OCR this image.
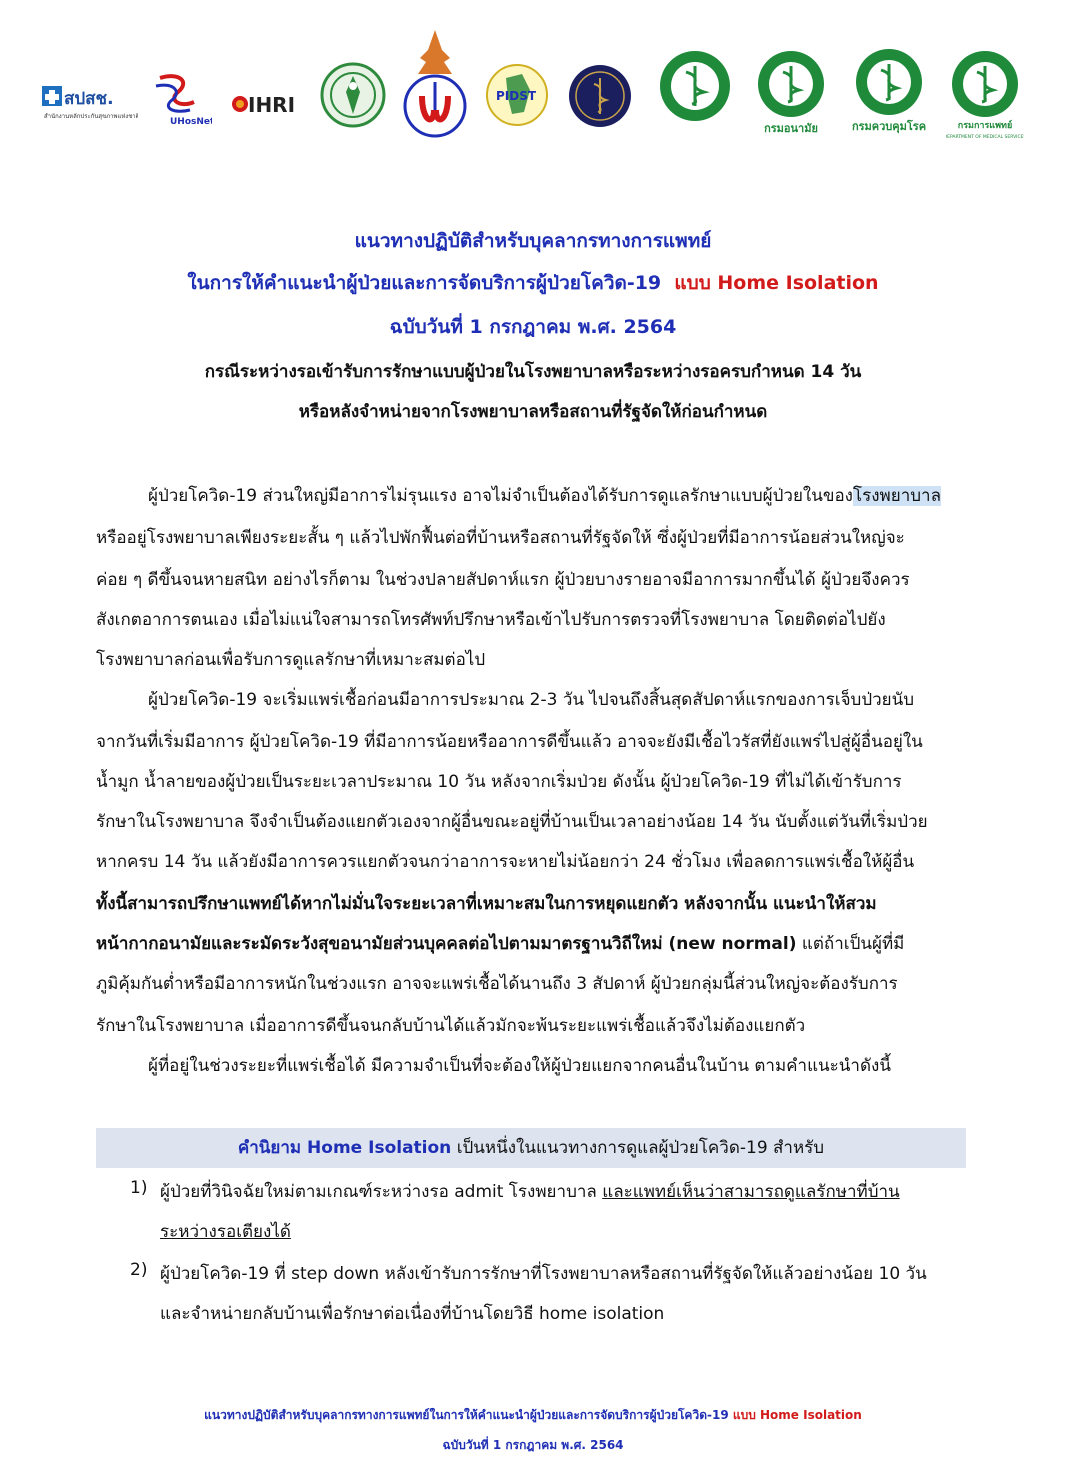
สปสช.
สำนักงานหลักประกันสุขภาพแห่งชาติ
UHosNet
IHRI	PIDST
กรมอนามัย	กรมควบคุมโรค	กรมการแพทย์
DEPARTMENT OF MEDICAL SERVICES
แนวทางปฏิบัติสำหรับบุคลากรทางการแพทย์
ในการให้คำแนะนำผู้ป่วยและการจัดบริการผู้ป่วยโควิด-19 แบบ Home Isolation
ฉบับวันที่ 1 กรกฎาคม พ.ศ. 2564
กรณีระหว่างรอเข้ารับการรักษาแบบผู้ป่วยในโรงพยาบาลหรือระหว่างรอครบกำหนด 14 วัน
หรือหลังจำหน่ายจากโรงพยาบาลหรือสถานที่รัฐจัดให้ก่อนกำหนด
ผู้ป่วยโควิด-19 ส่วนใหญ่มีอาการไม่รุนแรง อาจไม่จำเป็นต้องได้รับการดูแลรักษาแบบผู้ป่วยในของโรงพยาบาล
หรืออยู่โรงพยาบาลเพียงระยะสั้น ๆ แล้วไปพักฟื้นต่อที่บ้านหรือสถานที่รัฐจัดให้ ซึ่งผู้ป่วยที่มีอาการน้อยส่วนใหญ่จะ
ค่อย ๆ ดีขึ้นจนหายสนิท อย่างไรก็ตาม ในช่วงปลายสัปดาห์แรก ผู้ป่วยบางรายอาจมีอาการมากขึ้นได้ ผู้ป่วยจึงควร
สังเกตอาการตนเอง เมื่อไม่แน่ใจสามารถโทรศัพท์ปรึกษาหรือเข้าไปรับการตรวจที่โรงพยาบาล โดยติดต่อไปยัง
โรงพยาบาลก่อนเพื่อรับการดูแลรักษาที่เหมาะสมต่อไป
ผู้ป่วยโควิด-19 จะเริ่มแพร่เชื้อก่อนมีอาการประมาณ 2-3 วัน ไปจนถึงสิ้นสุดสัปดาห์แรกของการเจ็บป่วยนับ
จากวันที่เริ่มมีอาการ ผู้ป่วยโควิด-19 ที่มีอาการน้อยหรืออาการดีขึ้นแล้ว อาจจะยังมีเชื้อไวรัสที่ยังแพร่ไปสู่ผู้อื่นอยู่ใน
น้ำมูก น้ำลายของผู้ป่วยเป็นระยะเวลาประมาณ 10 วัน หลังจากเริ่มป่วย ดังนั้น ผู้ป่วยโควิด-19 ที่ไม่ได้เข้ารับการ
รักษาในโรงพยาบาล จึงจำเป็นต้องแยกตัวเองจากผู้อื่นขณะอยู่ที่บ้านเป็นเวลาอย่างน้อย 14 วัน นับตั้งแต่วันที่เริ่มป่วย
หากครบ 14 วัน แล้วยังมีอาการควรแยกตัวจนกว่าอาการจะหายไม่น้อยกว่า 24 ชั่วโมง เพื่อลดการแพร่เชื้อให้ผู้อื่น
ทั้งนี้สามารถปรึกษาแพทย์ได้หากไม่มั่นใจระยะเวลาที่เหมาะสมในการหยุดแยกตัว หลังจากนั้น แนะนำให้สวม
หน้ากากอนามัยและระมัดระวังสุขอนามัยส่วนบุคคลต่อไปตามมาตรฐานวิถีใหม่ (new normal) แต่ถ้าเป็นผู้ที่มี
ภูมิคุ้มกันต่ำหรือมีอาการหนักในช่วงแรก อาจจะแพร่เชื้อได้นานถึง 3 สัปดาห์ ผู้ป่วยกลุ่มนี้ส่วนใหญ่จะต้องรับการ
รักษาในโรงพยาบาล เมื่ออาการดีขึ้นจนกลับบ้านได้แล้วมักจะพ้นระยะแพร่เชื้อแล้วจึงไม่ต้องแยกตัว
ผู้ที่อยู่ในช่วงระยะที่แพร่เชื้อได้ มีความจำเป็นที่จะต้องให้ผู้ป่วยแยกจากคนอื่นในบ้าน ตามคำแนะนำดังนี้
คำนิยาม Home Isolation เป็นหนึ่งในแนวทางการดูแลผู้ป่วยโควิด-19 สำหรับ
1) ผู้ป่วยที่วินิจฉัยใหม่ตามเกณฑ์ระหว่างรอ admit โรงพยาบาล และแพทย์เห็นว่าสามารถดูแลรักษาที่บ้าน
ระหว่างรอเตียงได้
2) ผู้ป่วยโควิด-19 ที่ step down หลังเข้ารับการรักษาที่โรงพยาบาลหรือสถานที่รัฐจัดให้แล้วอย่างน้อย 10 วัน
และจำหน่ายกลับบ้านเพื่อรักษาต่อเนื่องที่บ้านโดยวิธี home isolation
แนวทางปฏิบัติสำหรับบุคลากรทางการแพทย์ในการให้คำแนะนำผู้ป่วยและการจัดบริการผู้ป่วยโควิด-19 แบบ Home Isolation
ฉบับวันที่ 1 กรกฎาคม พ.ศ. 2564
